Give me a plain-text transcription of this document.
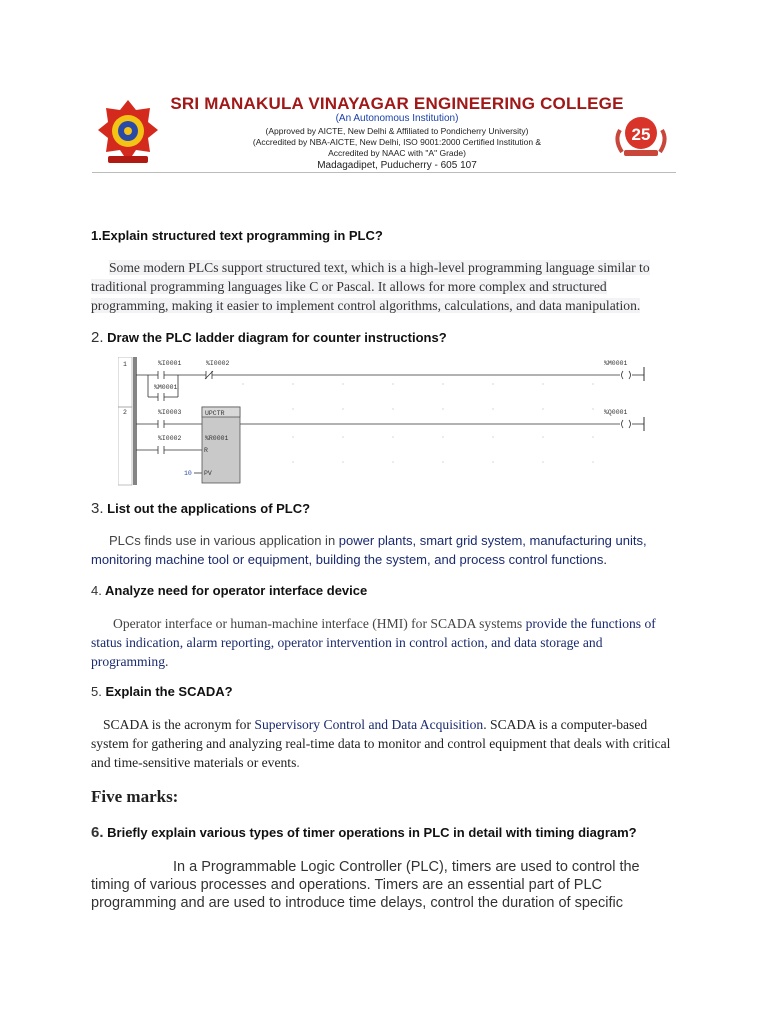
25
SRI MANAKULA VINAYAGAR ENGINEERING COLLEGE
(An Autonomous Institution)
(Approved by AICTE, New Delhi & Affiliated to Pondicherry University)
(Accredited by NBA-AICTE, New Delhi, ISO 9001:2000 Certified Institution &
Accredited by NAAC with "A" Grade)
Madagadipet, Puducherry - 605 107
1.Explain structured text programming in PLC?
Some modern PLCs support structured text, which is a high-level programming language similar to traditional programming languages like C or Pascal. It allows for more complex and structured programming, making it easier to implement control algorithms, calculations, and data manipulation.
2. Draw the PLC ladder diagram for counter instructions?
1
2
%I0001	%I0002	%M0001
%M0001
%I0003	UPCTR	%Q0001
%I0002	%R0001
R
10 PV
3. List out the applications of PLC?
PLCs finds use in various application in power plants, smart grid system, manufacturing units, monitoring machine tool or equipment, building the system, and process control functions.
4. Analyze need for operator interface device
Operator interface or human-machine interface (HMI) for SCADA systems provide the functions of status indication, alarm reporting, operator intervention in control action, and data storage and programming.
5. Explain the SCADA?
SCADA is the acronym for Supervisory Control and Data Acquisition. SCADA is a computer-based system for gathering and analyzing real-time data to monitor and control equipment that deals with critical and time-sensitive materials or events.
Five marks:
6. Briefly explain various types of timer operations in PLC in detail with timing diagram?
In a Programmable Logic Controller (PLC), timers are used to control the timing of various processes and operations. Timers are an essential part of PLC programming and are used to introduce time delays, control the duration of specific
